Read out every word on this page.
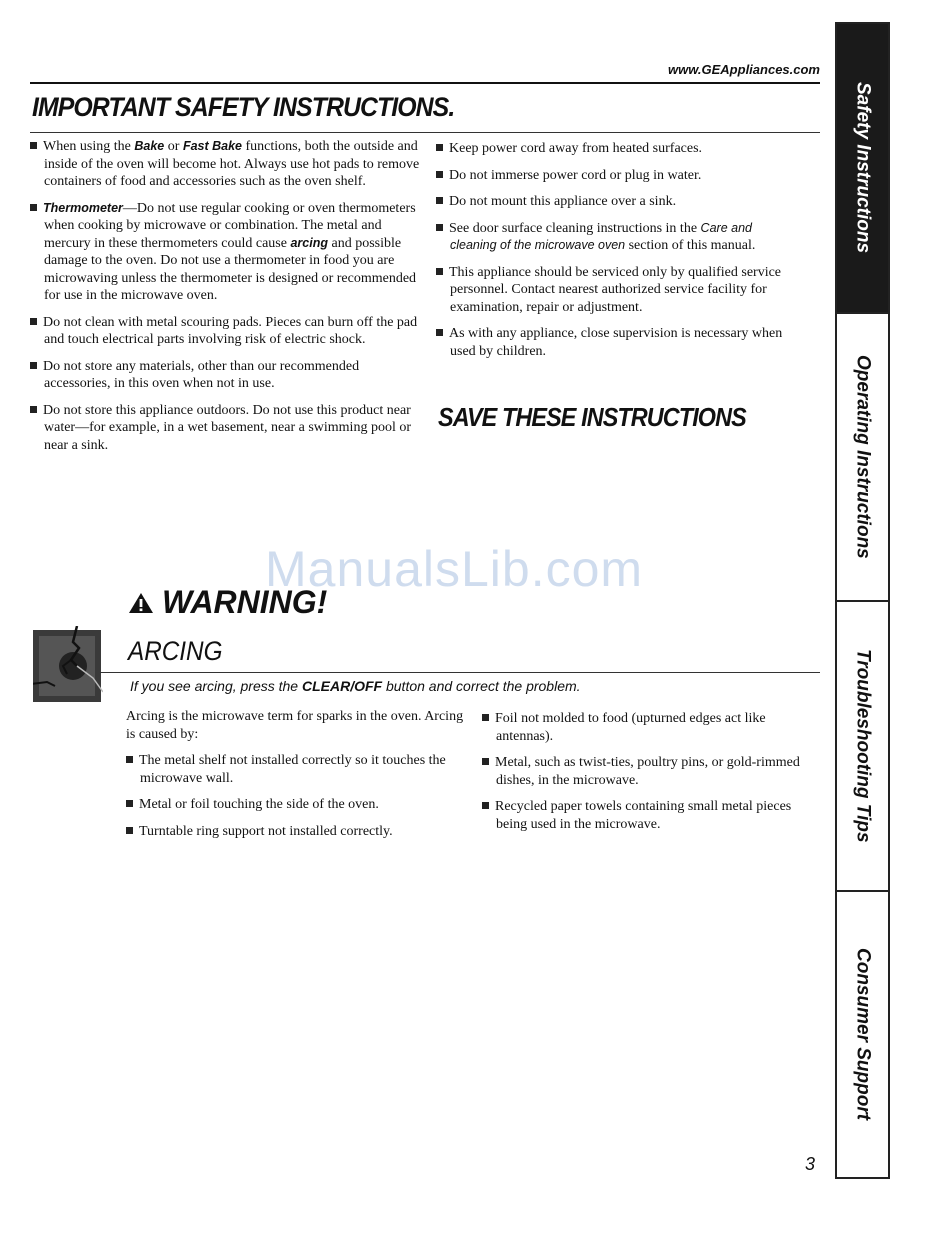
www.GEAppliances.com
IMPORTANT SAFETY INSTRUCTIONS.

When using the Bake or Fast Bake functions, both the outside and inside of the oven will become hot. Always use hot pads to remove containers of food and accessories such as the oven shelf.

Thermometer—Do not use regular cooking or oven thermometers when cooking by microwave or combination. The metal and mercury in these thermometers could cause arcing and possible damage to the oven. Do not use a thermometer in food you are microwaving unless the thermometer is designed or recommended for use in the microwave oven.

Do not clean with metal scouring pads. Pieces can burn off the pad and touch electrical parts involving risk of electric shock.

Do not store any materials, other than our recommended accessories, in this oven when not in use.

Do not store this appliance outdoors. Do not use this product near water—for example, in a wet basement, near a swimming pool or near a sink.

Keep power cord away from heated surfaces.

Do not immerse power cord or plug in water.

Do not mount this appliance over a sink.

See door surface cleaning instructions in the Care and cleaning of the microwave oven section of this manual.

This appliance should be serviced only by qualified service personnel. Contact nearest authorized service facility for examination, repair or adjustment.

As with any appliance, close supervision is necessary when used by children.

SAVE THESE INSTRUCTIONS
ManualsLib.com
WARNING!
ARCING
If you see arcing, press the CLEAR/OFF button and correct the problem.

Arcing is the microwave term for sparks in the oven. Arcing is caused by:

The metal shelf not installed correctly so it touches the microwave wall.

Metal or foil touching the side of the oven.

Turntable ring support not installed correctly.

Foil not molded to food (upturned edges act like antennas).

Metal, such as twist-ties, poultry pins, or gold-rimmed dishes, in the microwave.

Recycled paper towels containing small metal pieces being used in the microwave.

Safety Instructions
Operating Instructions
Troubleshooting Tips
Consumer Support
3
